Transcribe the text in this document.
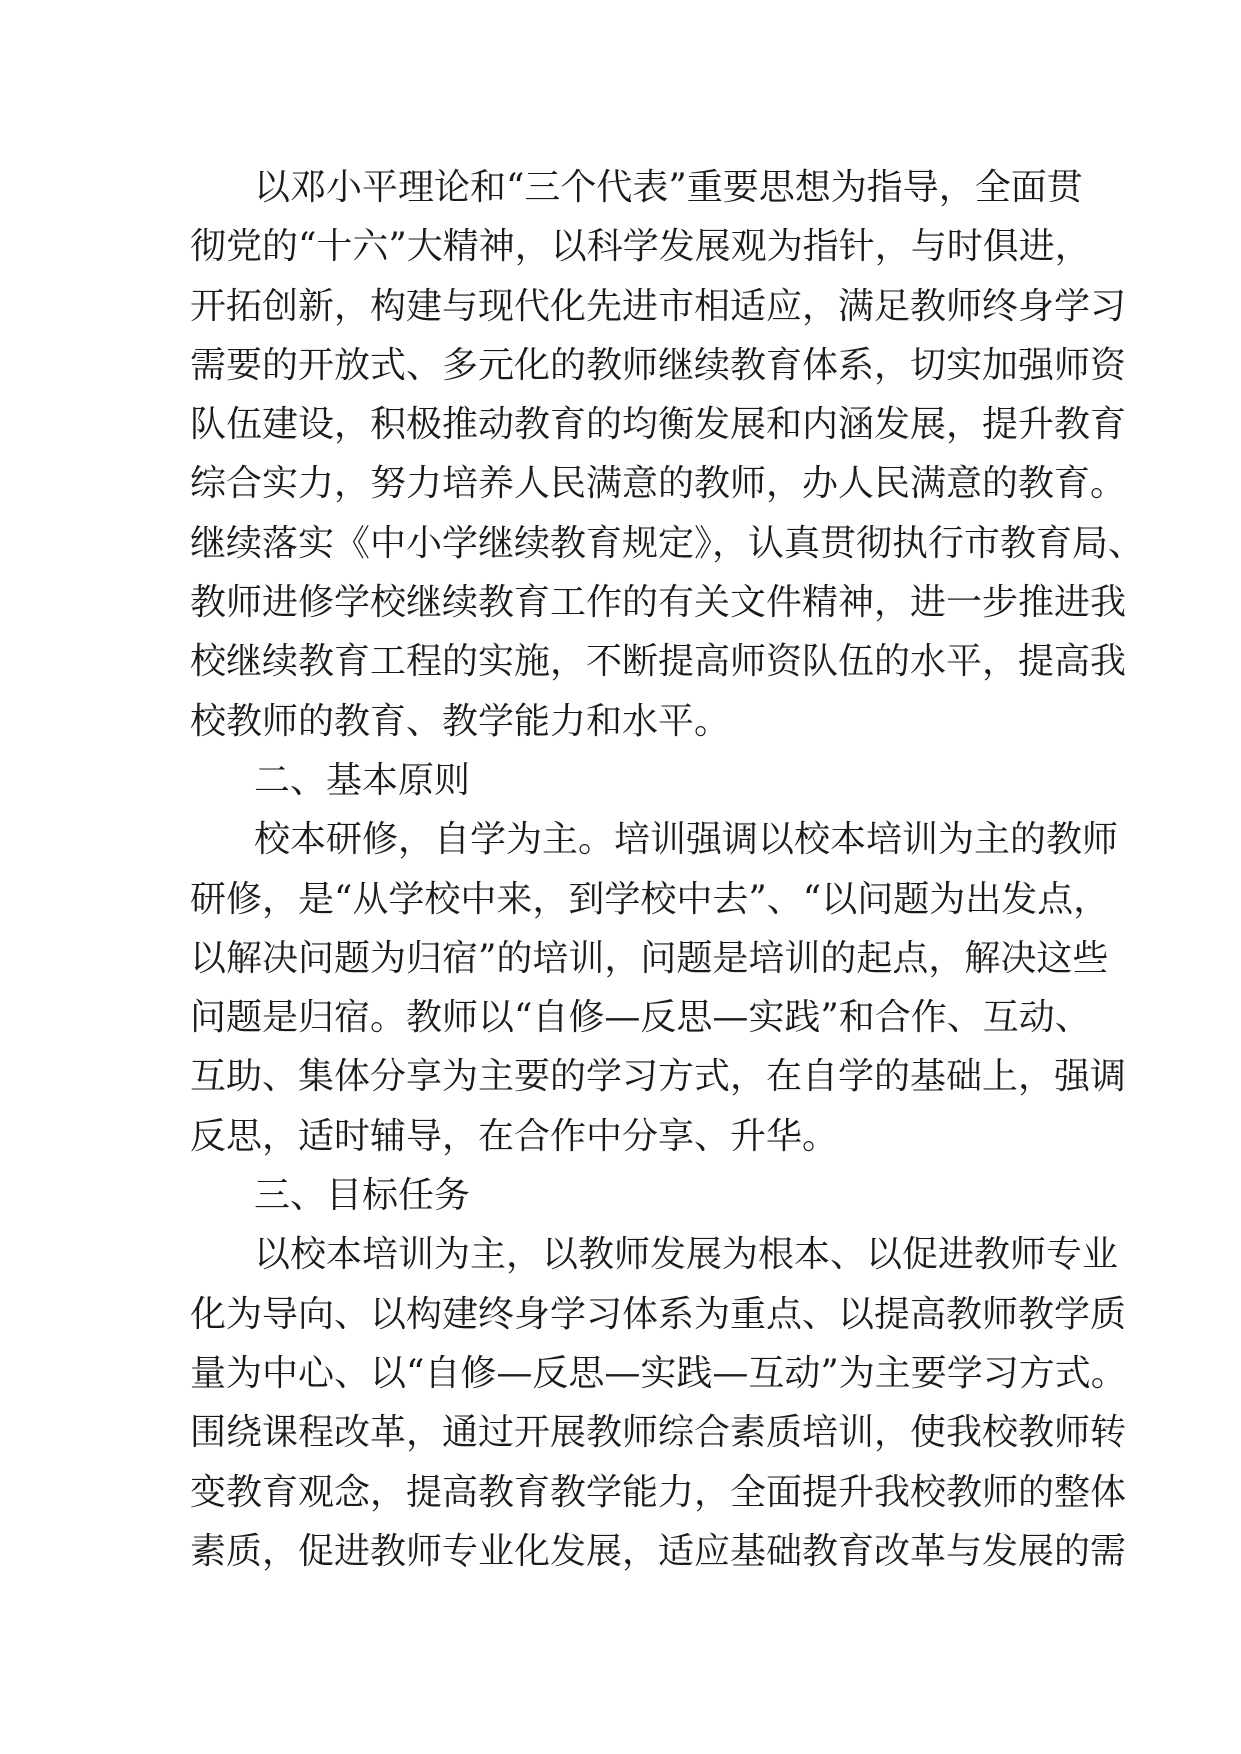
以邓小平理论和“三个代表”重要思想为指导，全面贯
彻党的“十六”大精神，以科学发展观为指针，与时俱进，
开拓创新，构建与现代化先进市相适应，满足教师终身学习
需要的开放式、多元化的教师继续教育体系，切实加强师资
队伍建设，积极推动教育的均衡发展和内涵发展，提升教育
综合实力，努力培养人民满意的教师，办人民满意的教育。
继续落实《中小学继续教育规定》，认真贯彻执行市教育局、
教师进修学校继续教育工作的有关文件精神，进一步推进我
校继续教育工程的实施，不断提高师资队伍的水平，提高我
校教师的教育、教学能力和水平。
二、基本原则
校本研修，自学为主。培训强调以校本培训为主的教师
研修，是“从学校中来，到学校中去”、“以问题为出发点，
以解决问题为归宿”的培训，问题是培训的起点，解决这些
问题是归宿。教师以“自修—反思—实践”和合作、互动、
互助、集体分享为主要的学习方式，在自学的基础上，强调
反思，适时辅导，在合作中分享、升华。
三、目标任务
以校本培训为主，以教师发展为根本、以促进教师专业
化为导向、以构建终身学习体系为重点、以提高教师教学质
量为中心、以“自修—反思—实践—互动”为主要学习方式。
围绕课程改革，通过开展教师综合素质培训，使我校教师转
变教育观念，提高教育教学能力，全面提升我校教师的整体
素质，促进教师专业化发展，适应基础教育改革与发展的需
